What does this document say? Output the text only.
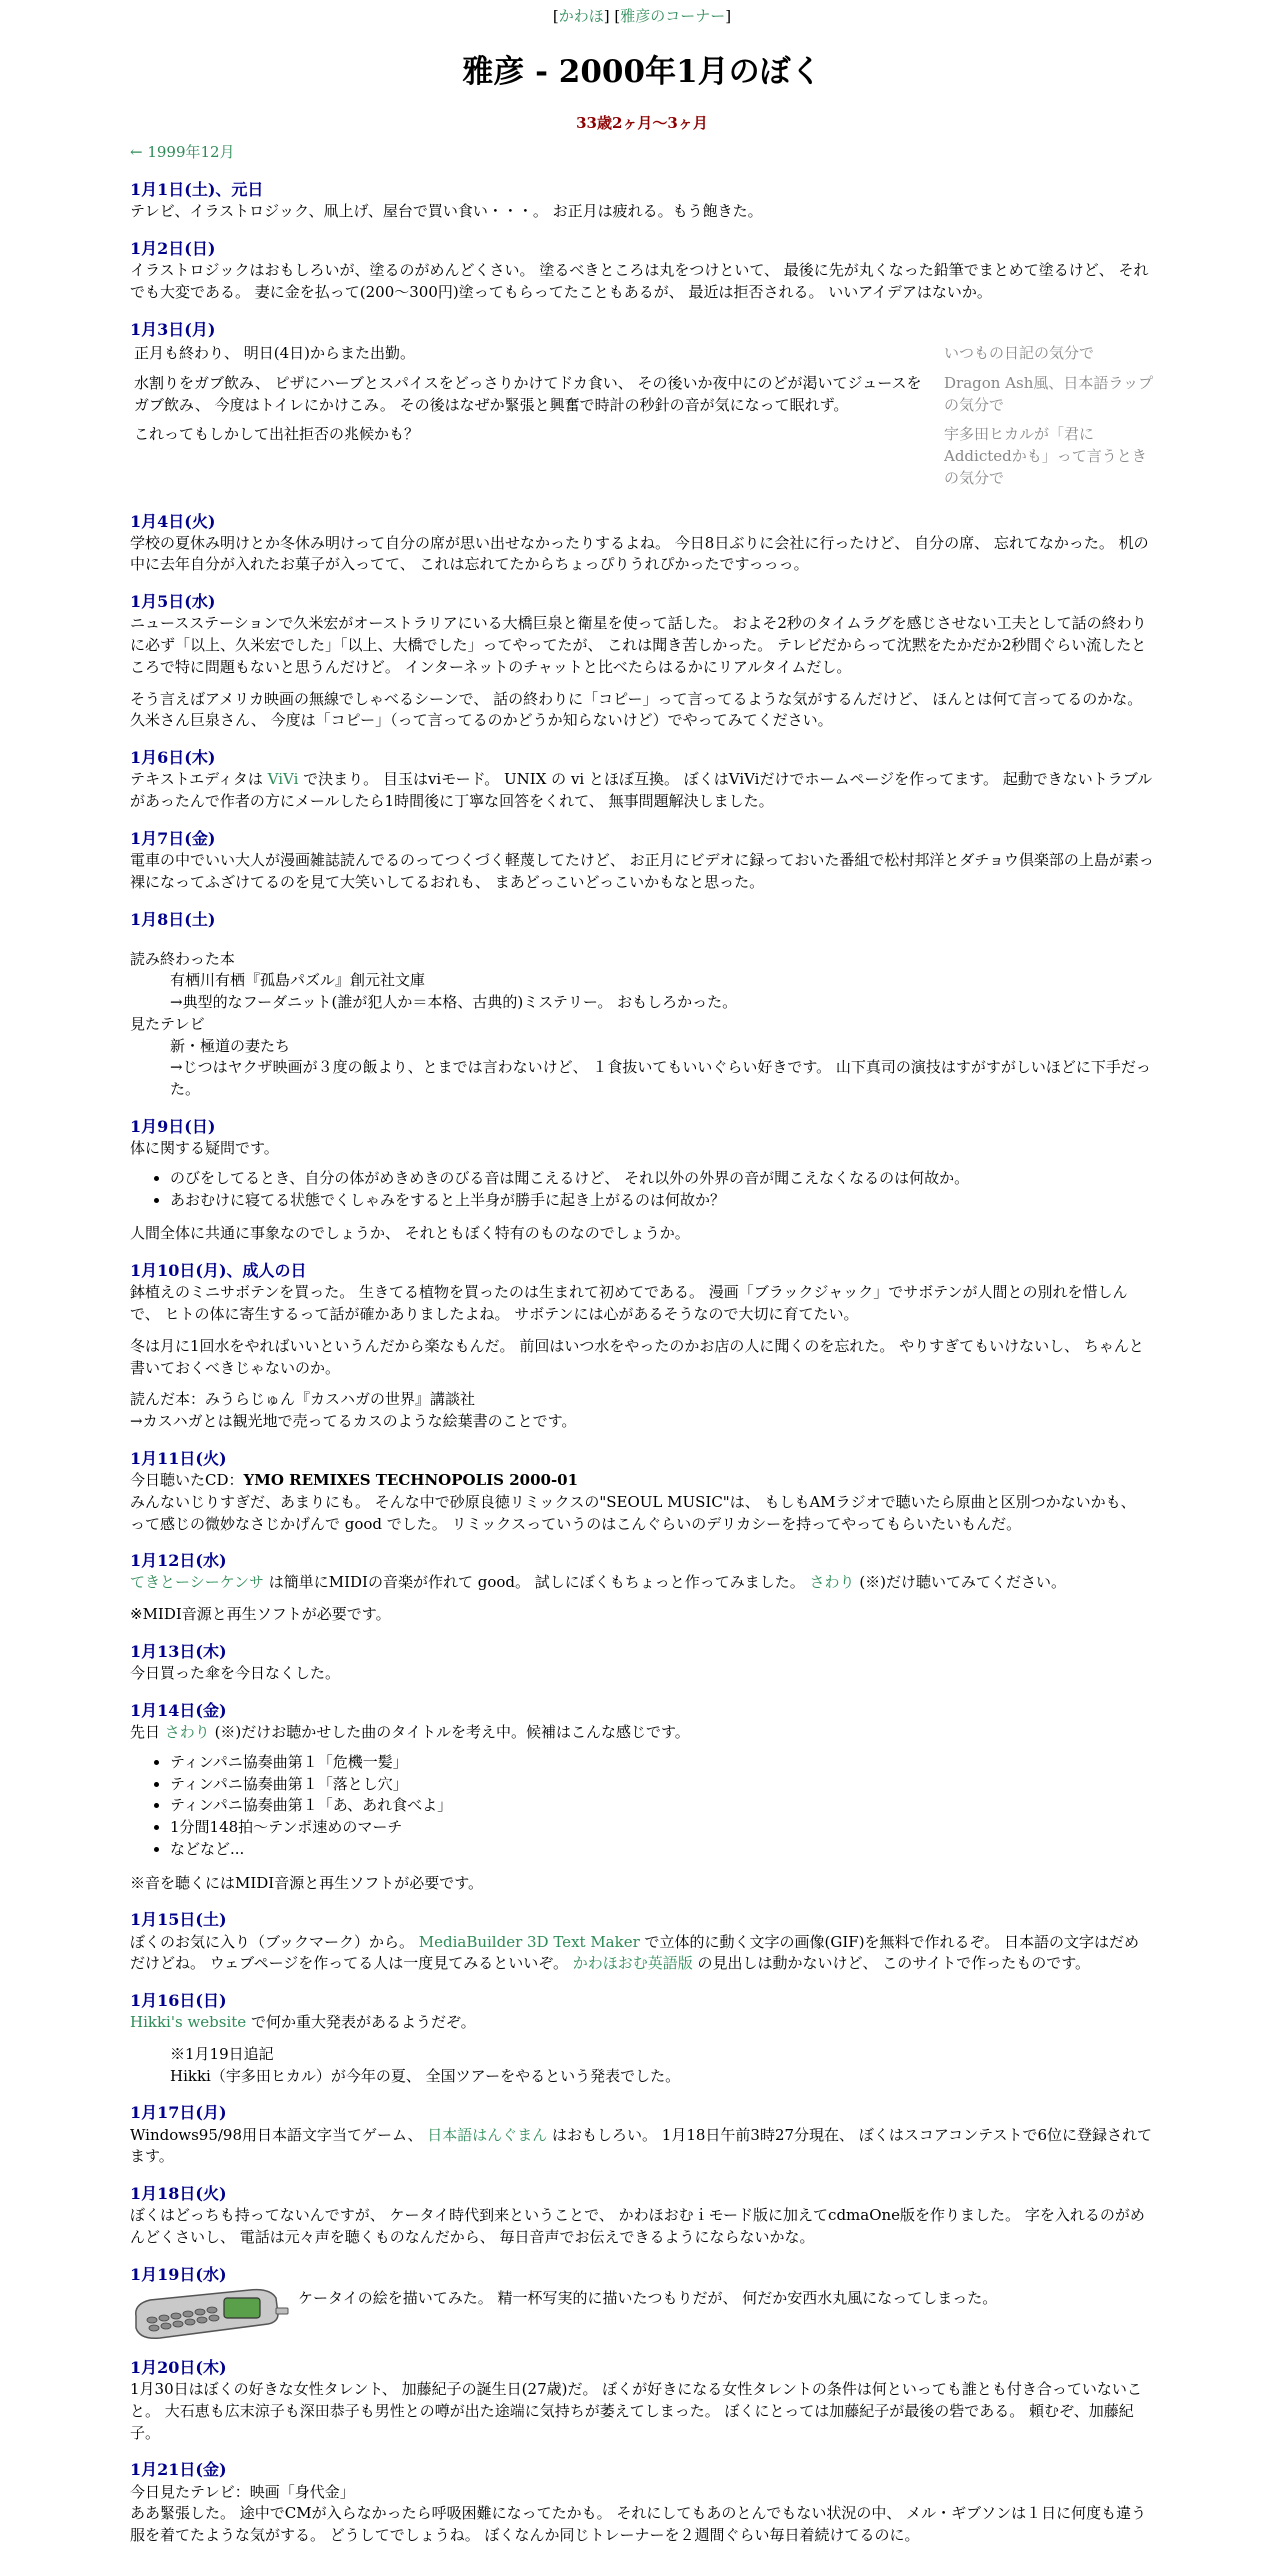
[かわほ] [雅彦のコーナー]
雅彦 - 2000年1月のぼく
33歳2ヶ月～3ヶ月
← 1999年12月
1月1日(土)、元日

テレビ、イラストロジック、凧上げ、屋台で買い食い・・・。 お正月は疲れる。もう飽きた。

1月2日(日)

イラストロジックはおもしろいが、塗るのがめんどくさい。 塗るべきところは丸をつけといて、 最後に先が丸くなった鉛筆でまとめて塗るけど、 それでも大変である。 妻に金を払って(200～300円)塗ってもらってたこともあるが、 最近は拒否される。 いいアイデアはないか。

1月3日(月)
正月も終わり、 明日(4日)からまた出勤。	いつもの日記の気分で
水割りをガブ飲み、 ピザにハーブとスパイスをどっさりかけてドカ食い、 その後いか夜中にのどが渇いてジュースをガブ飲み、 今度はトイレにかけこみ。 その後はなぜか緊張と興奮で時計の秒針の音が気になって眠れず。	Dragon Ash風、日本語ラップの気分で
これってもしかして出社拒否の兆候かも？	宇多田ヒカルが「君にAddictedかも」って言うときの気分で
1月4日(火)

学校の夏休み明けとか冬休み明けって自分の席が思い出せなかったりするよね。 今日8日ぶりに会社に行ったけど、 自分の席、 忘れてなかった。 机の中に去年自分が入れたお菓子が入ってて、 これは忘れてたからちょっぴりうれぴかったですっっっ。

1月5日(水)

ニュースステーションで久米宏がオーストラリアにいる大橋巨泉と衛星を使って話した。 およそ2秒のタイムラグを感じさせない工夫として話の終わりに必ず「以上、久米宏でした」「以上、大橋でした」ってやってたが、 これは聞き苦しかった。 テレビだからって沈黙をたかだか2秒間ぐらい流したところで特に問題もないと思うんだけど。 インターネットのチャットと比べたらはるかにリアルタイムだし。

そう言えばアメリカ映画の無線でしゃべるシーンで、 話の終わりに「コピー」って言ってるような気がするんだけど、 ほんとは何て言ってるのかな。 久米さん巨泉さん、 今度は「コピー」（って言ってるのかどうか知らないけど）でやってみてください。

1月6日(木)

テキストエディタは ViVi で決まり。 目玉はviモード。 UNIX の vi とほぼ互換。 ぼくはViViだけでホームページを作ってます。 起動できないトラブルがあったんで作者の方にメールしたら1時間後に丁寧な回答をくれて、 無事問題解決しました。

1月7日(金)

電車の中でいい大人が漫画雑誌読んでるのってつくづく軽蔑してたけど、 お正月にビデオに録っておいた番組で松村邦洋とダチョウ倶楽部の上島が素っ裸になってふざけてるのを見て大笑いしてるおれも、 まあどっこいどっこいかもなと思った。

1月8日(土)
読み終わった本
有栖川有栖『孤島パズル』創元社文庫
→典型的なフーダニット(誰が犯人か＝本格、古典的)ミステリー。 おもしろかった。
見たテレビ
新・極道の妻たち
→じつはヤクザ映画が３度の飯より、とまでは言わないけど、 １食抜いてもいいぐらい好きです。 山下真司の演技はすがすがしいほどに下手だった。
1月9日(日)
体に関する疑問です。
• のびをしてるとき、自分の体がめきめきのびる音は聞こえるけど、 それ以外の外界の音が聞こえなくなるのは何故か。
• あおむけに寝てる状態でくしゃみをすると上半身が勝手に起き上がるのは何故か？

人間全体に共通に事象なのでしょうか、 それともぼく特有のものなのでしょうか。

1月10日(月)、成人の日

鉢植えのミニサボテンを買った。 生きてる植物を買ったのは生まれて初めてである。 漫画「ブラックジャック」でサボテンが人間との別れを惜しんで、 ヒトの体に寄生するって話が確かありましたよね。 サボテンには心があるそうなので大切に育てたい。

冬は月に1回水をやればいいというんだから楽なもんだ。 前回はいつ水をやったのかお店の人に聞くのを忘れた。 やりすぎてもいけないし、 ちゃんと書いておくべきじゃないのか。

読んだ本：みうらじゅん『カスハガの世界』講談社
→カスハガとは観光地で売ってるカスのような絵葉書のことです。
1月11日(火)
今日聴いたCD：YMO REMIXES TECHNOPOLIS 2000-01

みんないじりすぎだ、あまりにも。 そんな中で砂原良徳リミックスの"SEOUL MUSIC"は、 もしもAMラジオで聴いたら原曲と区別つかないかも、 って感じの微妙なさじかげんで good でした。 リミックスっていうのはこんぐらいのデリカシーを持ってやってもらいたいもんだ。

1月12日(水)

てきとーシーケンサ は簡単にMIDIの音楽が作れて good。 試しにぼくもちょっと作ってみました。 さわり (※)だけ聴いてみてください。

※MIDI音源と再生ソフトが必要です。

1月13日(木)

今日買った傘を今日なくした。

1月14日(金)
先日 さわり (※)だけお聴かせした曲のタイトルを考え中。候補はこんな感じです。
• ティンパニ協奏曲第１「危機一髪」
• ティンパニ協奏曲第１「落とし穴」
• ティンパニ協奏曲第１「あ、あれ食べよ」
• 1分間148拍～テンポ速めのマーチ
• などなど...

※音を聴くにはMIDI音源と再生ソフトが必要です。

1月15日(土)

ぼくのお気に入り（ブックマーク）から。 MediaBuilder 3D Text Maker で立体的に動く文字の画像(GIF)を無料で作れるぞ。 日本語の文字はだめだけどね。 ウェブページを作ってる人は一度見てみるといいぞ。 かわほおむ英語版 の見出しは動かないけど、 このサイトで作ったものです。

1月16日(日)

Hikki's website で何か重大発表があるようだぞ。

※1月19日追記
Hikki（宇多田ヒカル）が今年の夏、 全国ツアーをやるという発表でした。
1月17日(月)

Windows95/98用日本語文字当てゲーム、 日本語はんぐまん はおもしろい。 1月18日午前3時27分現在、 ぼくはスコアコンテストで6位に登録されてます。

1月18日(火)

ぼくはどっちも持ってないんですが、 ケータイ時代到来ということで、 かわほおむｉモード版に加えてcdmaOne版を作りました。 字を入れるのがめんどくさいし、 電話は元々声を聴くものなんだから、 毎日音声でお伝えできるようにならないかな。

1月19日(水)
ケータイの絵を描いてみた。 精一杯写実的に描いたつもりだが、 何だか安西水丸風になってしまった。
1月20日(木)

1月30日はぼくの好きな女性タレント、 加藤紀子の誕生日(27歳)だ。 ぼくが好きになる女性タレントの条件は何といっても誰とも付き合っていないこと。 大石恵も広末涼子も深田恭子も男性との噂が出た途端に気持ちが萎えてしまった。 ぼくにとっては加藤紀子が最後の砦である。 頼むぞ、加藤紀子。

1月21日(金)
今日見たテレビ：映画「身代金」

ああ緊張した。 途中でCMが入らなかったら呼吸困難になってたかも。 それにしてもあのとんでもない状況の中、 メル・ギブソンは１日に何度も違う服を着てたような気がする。 どうしてでしょうね。 ぼくなんか同じトレーナーを２週間ぐらい毎日着続けてるのに。
